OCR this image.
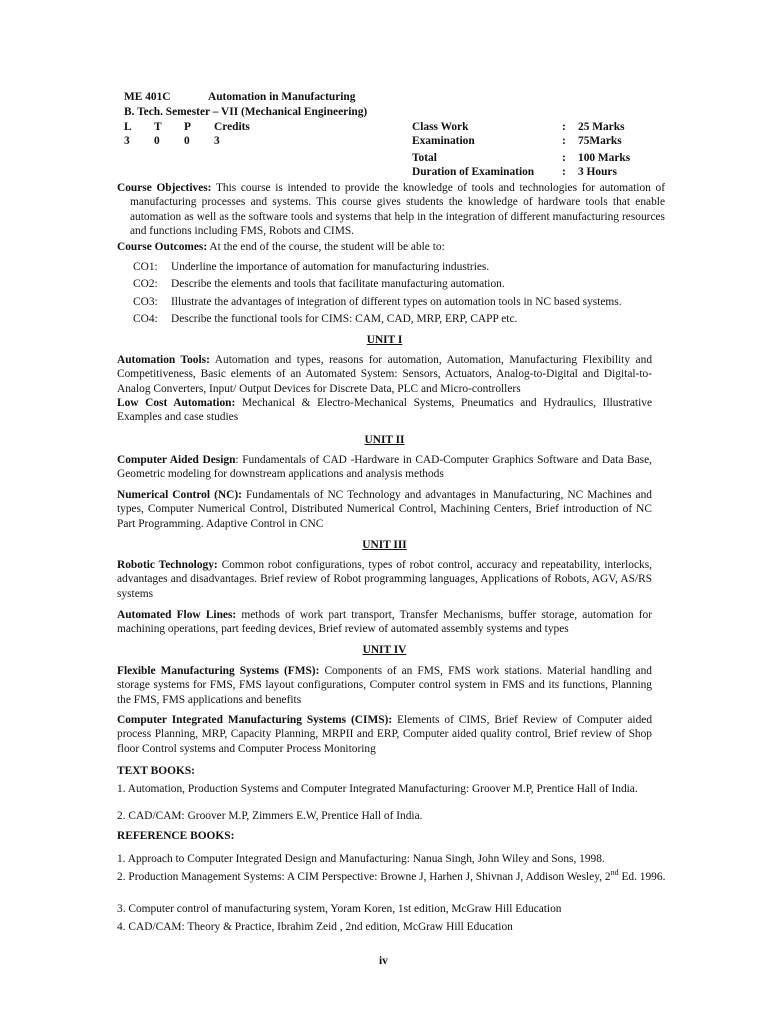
ME 401C	Automation in Manufacturing
B. Tech. Semester – VII (Mechanical Engineering)
L T P Credits
3 0 0 3
Class Work	: 25 Marks
Examination	: 75Marks
Total	: 100 Marks
Duration of Examination : 3 Hours
Course Objectives: This course is intended to provide the knowledge of tools and technologies for automation of manufacturing processes and systems. This course gives students the knowledge of hardware tools that enable automation as well as the software tools and systems that help in the integration of different manufacturing resources and functions including FMS, Robots and CIMS.
Course Outcomes: At the end of the course, the student will be able to:
CO1: Underline the importance of automation for manufacturing industries.
CO2: Describe the elements and tools that facilitate manufacturing automation.
CO3: Illustrate the advantages of integration of different types on automation tools in NC based systems.
CO4: Describe the functional tools for CIMS: CAM, CAD, MRP, ERP, CAPP etc.
UNIT I
Automation Tools: Automation and types, reasons for automation, Automation, Manufacturing Flexibility and Competitiveness, Basic elements of an Automated System: Sensors, Actuators, Analog-to-Digital and Digital-to-Analog Converters, Input/ Output Devices for Discrete Data, PLC and Micro-controllers
Low Cost Automation: Mechanical & Electro-Mechanical Systems, Pneumatics and Hydraulics, Illustrative Examples and case studies
UNIT II
Computer Aided Design: Fundamentals of CAD -Hardware in CAD-Computer Graphics Software and Data Base, Geometric modeling for downstream applications and analysis methods
Numerical Control (NC): Fundamentals of NC Technology and advantages in Manufacturing, NC Machines and types, Computer Numerical Control, Distributed Numerical Control, Machining Centers, Brief introduction of NC Part Programming. Adaptive Control in CNC
UNIT III
Robotic Technology: Common robot configurations, types of robot control, accuracy and repeatability, interlocks, advantages and disadvantages. Brief review of Robot programming languages, Applications of Robots, AGV, AS/RS systems
Automated Flow Lines: methods of work part transport, Transfer Mechanisms, buffer storage, automation for machining operations, part feeding devices, Brief review of automated assembly systems and types
UNIT IV
Flexible Manufacturing Systems (FMS): Components of an FMS, FMS work stations. Material handling and storage systems for FMS, FMS layout configurations, Computer control system in FMS and its functions, Planning the FMS, FMS applications and benefits
Computer Integrated Manufacturing Systems (CIMS): Elements of CIMS, Brief Review of Computer aided process Planning, MRP, Capacity Planning, MRPII and ERP, Computer aided quality control, Brief review of Shop floor Control systems and Computer Process Monitoring
TEXT BOOKS:
1. Automation, Production Systems and Computer Integrated Manufacturing: Groover M.P, Prentice Hall of India.
2. CAD/CAM: Groover M.P, Zimmers E.W, Prentice Hall of India.
REFERENCE BOOKS:
1. Approach to Computer Integrated Design and Manufacturing: Nanua Singh, John Wiley and Sons, 1998.
2. Production Management Systems: A CIM Perspective: Browne J, Harhen J, Shivnan J, Addison Wesley, 2nd Ed. 1996.
3. Computer control of manufacturing system, Yoram Koren, 1st edition, McGraw Hill Education
4. CAD/CAM: Theory & Practice, Ibrahim Zeid , 2nd edition, McGraw Hill Education
iv
